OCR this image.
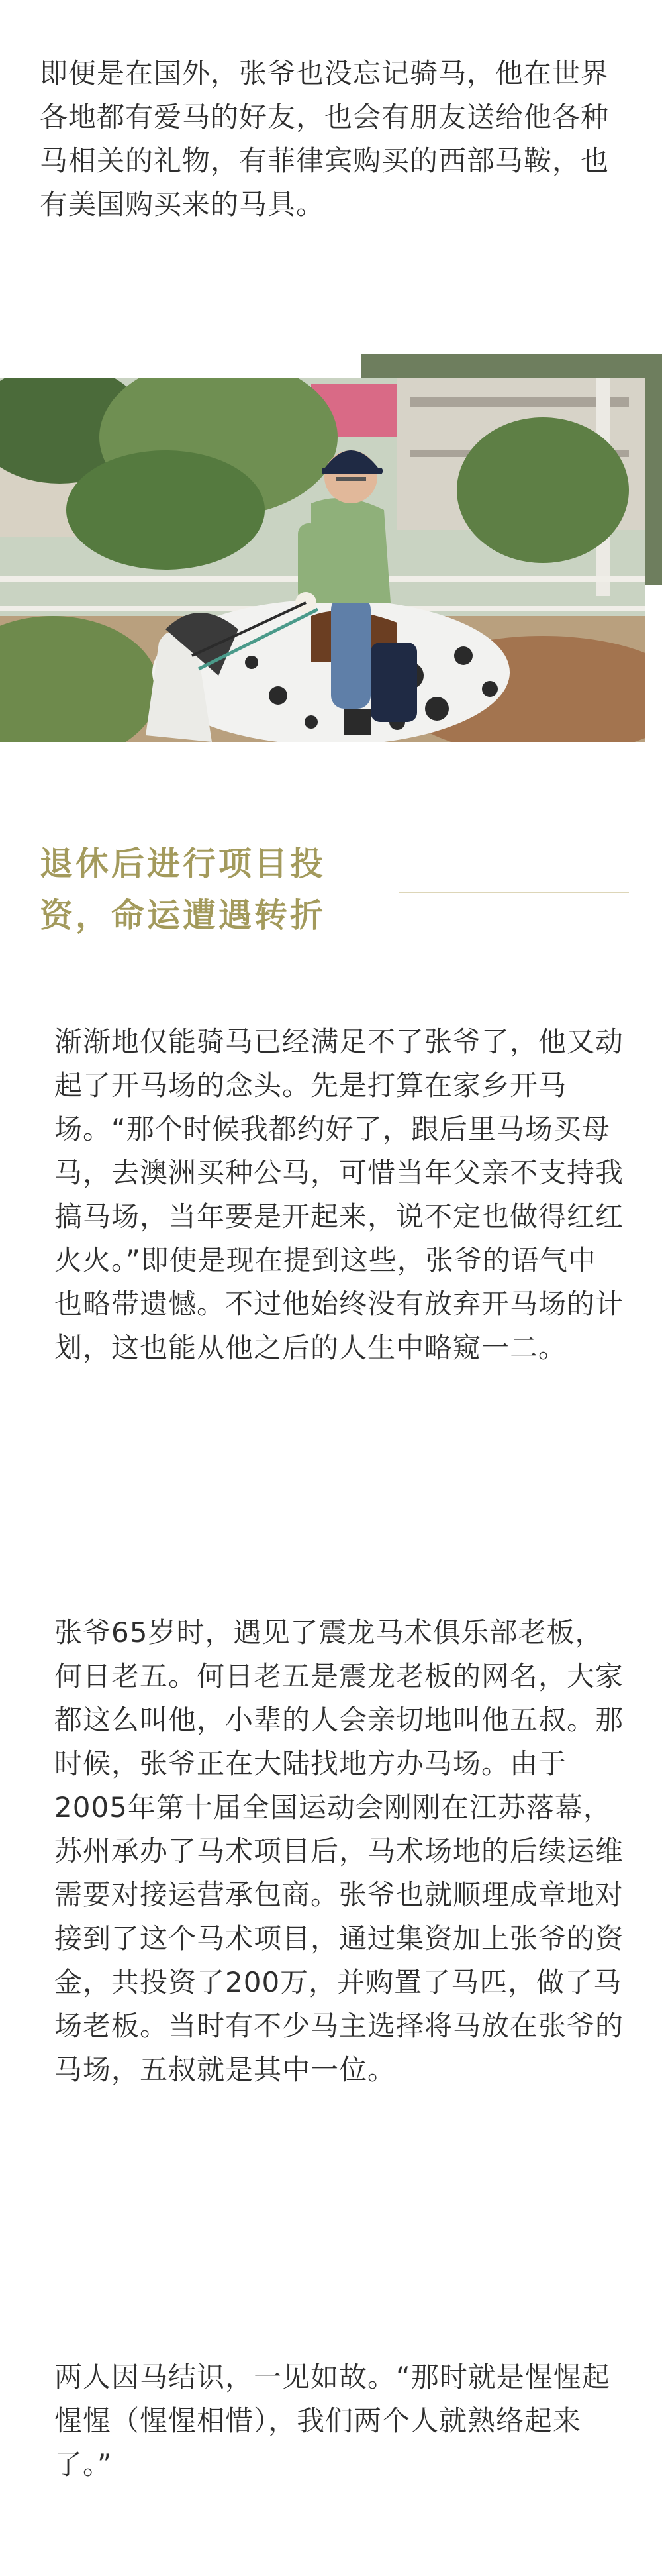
即便是在国外，张爷也没忘记骑马，他在世界各地都有爱马的好友，也会有朋友送给他各种马相关的礼物，有菲律宾购买的西部马鞍，也有美国购买来的马具。

退休后进行项目投
资，命运遭遇转折

渐渐地仅能骑马已经满足不了张爷了，他又动起了开马场的念头。先是打算在家乡开马场。“那个时候我都约好了，跟后里马场买母马，去澳洲买种公马，可惜当年父亲不支持我搞马场，当年要是开起来，说不定也做得红红火火。”即使是现在提到这些，张爷的语气中也略带遗憾。不过他始终没有放弃开马场的计划，这也能从他之后的人生中略窥一二。

张爷65岁时，遇见了震龙马术俱乐部老板，何日老五。何日老五是震龙老板的网名，大家都这么叫他，小辈的人会亲切地叫他五叔。那时候，张爷正在大陆找地方办马场。由于2005年第十届全国运动会刚刚在江苏落幕，苏州承办了马术项目后，马术场地的后续运维需要对接运营承包商。张爷也就顺理成章地对接到了这个马术项目，通过集资加上张爷的资金，共投资了200万，并购置了马匹，做了马场老板。当时有不少马主选择将马放在张爷的马场，五叔就是其中一位。

两人因马结识，一见如故。“那时就是惺惺起惺惺（惺惺相惜），我们两个人就熟络起来了。”
